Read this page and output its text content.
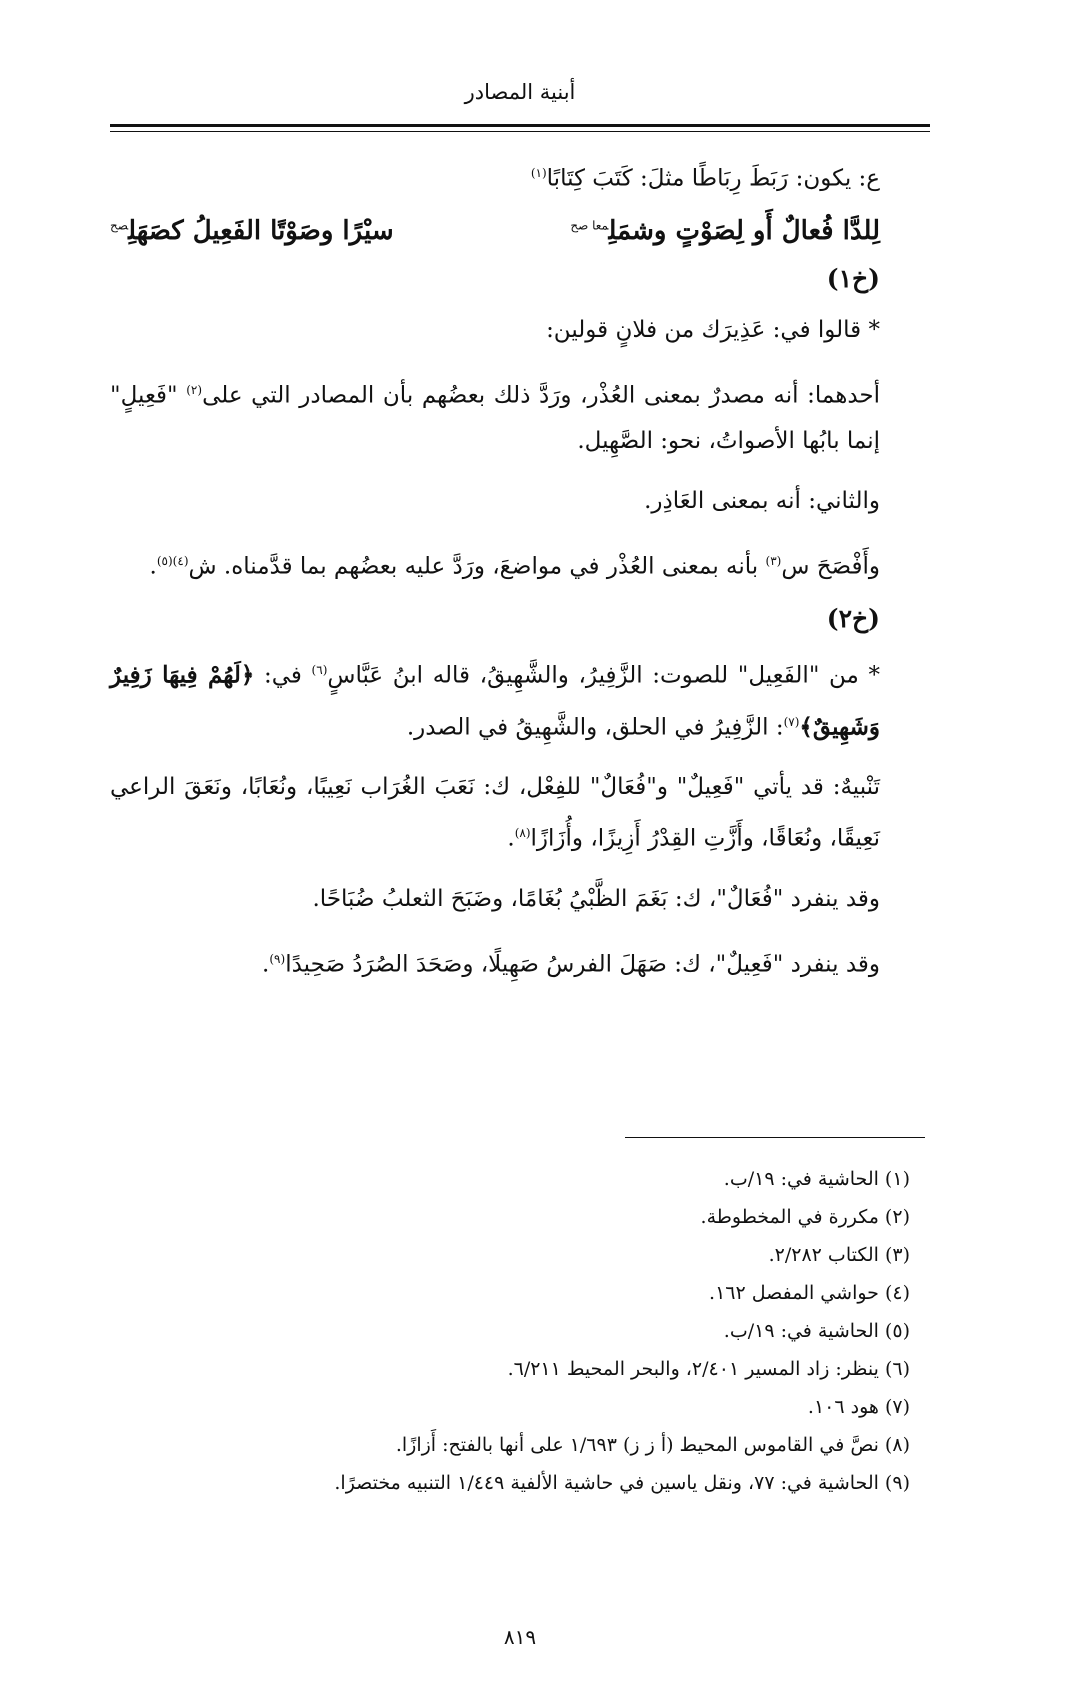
أبنية المصادر

ع: يكون: رَبَطَ رِبَاطًا مثلَ: كَتَبَ كِتَابًا$^{(١)}$

لِلدَّا فُعالٌ أَو لِصَوْتٍ وشمَلِ$^{معا صح}$
سيْرًا وصَوْتًا الفَعِيلُ كصَهَلِ$^{صح}$
(خ١)

* قالوا في: عَذِيرَك من فلانٍ قولين:

أحدهما: أنه مصدرٌ بمعنى العُذْر، ورَدَّ ذلك بعضُهم بأن المصادر التي على$^{(٢)}$ "فَعِيلٍ" إنما بابُها الأصواتُ، نحو: الصَّهِيل.

والثاني: أنه بمعنى العَاذِر.

وأَفْصَحَ س$^{(٣)}$ بأنه بمعنى العُذْر في مواضعَ، ورَدَّ عليه بعضُهم بما قدَّمناه. ش$^{(٤)(٥)}$.

(خ٢)

* من "الفَعِيل" للصوت: الزَّفِيرُ، والشَّهِيقُ، قاله ابنُ عَبَّاسٍ$^{(٦)}$ في: ﴿لَهُمْ فِيهَا زَفِيرٌ وَشَهِيقٌ﴾$^{(٧)}$: الزَّفِيرُ في الحلق، والشَّهِيقُ في الصدر.

تَنْبيهٌ: قد يأتي "فَعِيلٌ" و"فُعَالٌ" للفِعْل، ك: نَعَبَ الغُرَاب نَعِيبًا، ونُعَابًا، ونَعَقَ الراعي نَعِيقًا، ونُعَاقًا، وأَزَّتِ القِدْرُ أَزِيزًا، وأُزَازًا$^{(٨)}$.

وقد ينفرد "فُعَالٌ"، ك: بَغَمَ الظَّبْيُ بُغَامًا، وضَبَحَ الثعلبُ ضُبَاحًا.

وقد ينفرد "فَعِيلٌ"، ك: صَهَلَ الفرسُ صَهِيلًا، وصَحَدَ الصُرَدُ صَحِيدًا$^{(٩)}$.

(١) الحاشية في: ١٩/ب.

(٢) مكررة في المخطوطة.

(٣) الكتاب ٢/٢٨٢.

(٤) حواشي المفصل ١٦٢.

(٥) الحاشية في: ١٩/ب.

(٦) ينظر: زاد المسير ٢/٤٠١، والبحر المحيط ٦/٢١١.

(٧) هود ١٠٦.

(٨) نصَّ في القاموس المحيط (أ ز ز) ١/٦٩٣ على أنها بالفتح: أَزازًا.

(٩) الحاشية في: ٧٧، ونقل ياسين في حاشية الألفية ١/٤٤٩ التنبيه مختصرًا.

٨١٩
